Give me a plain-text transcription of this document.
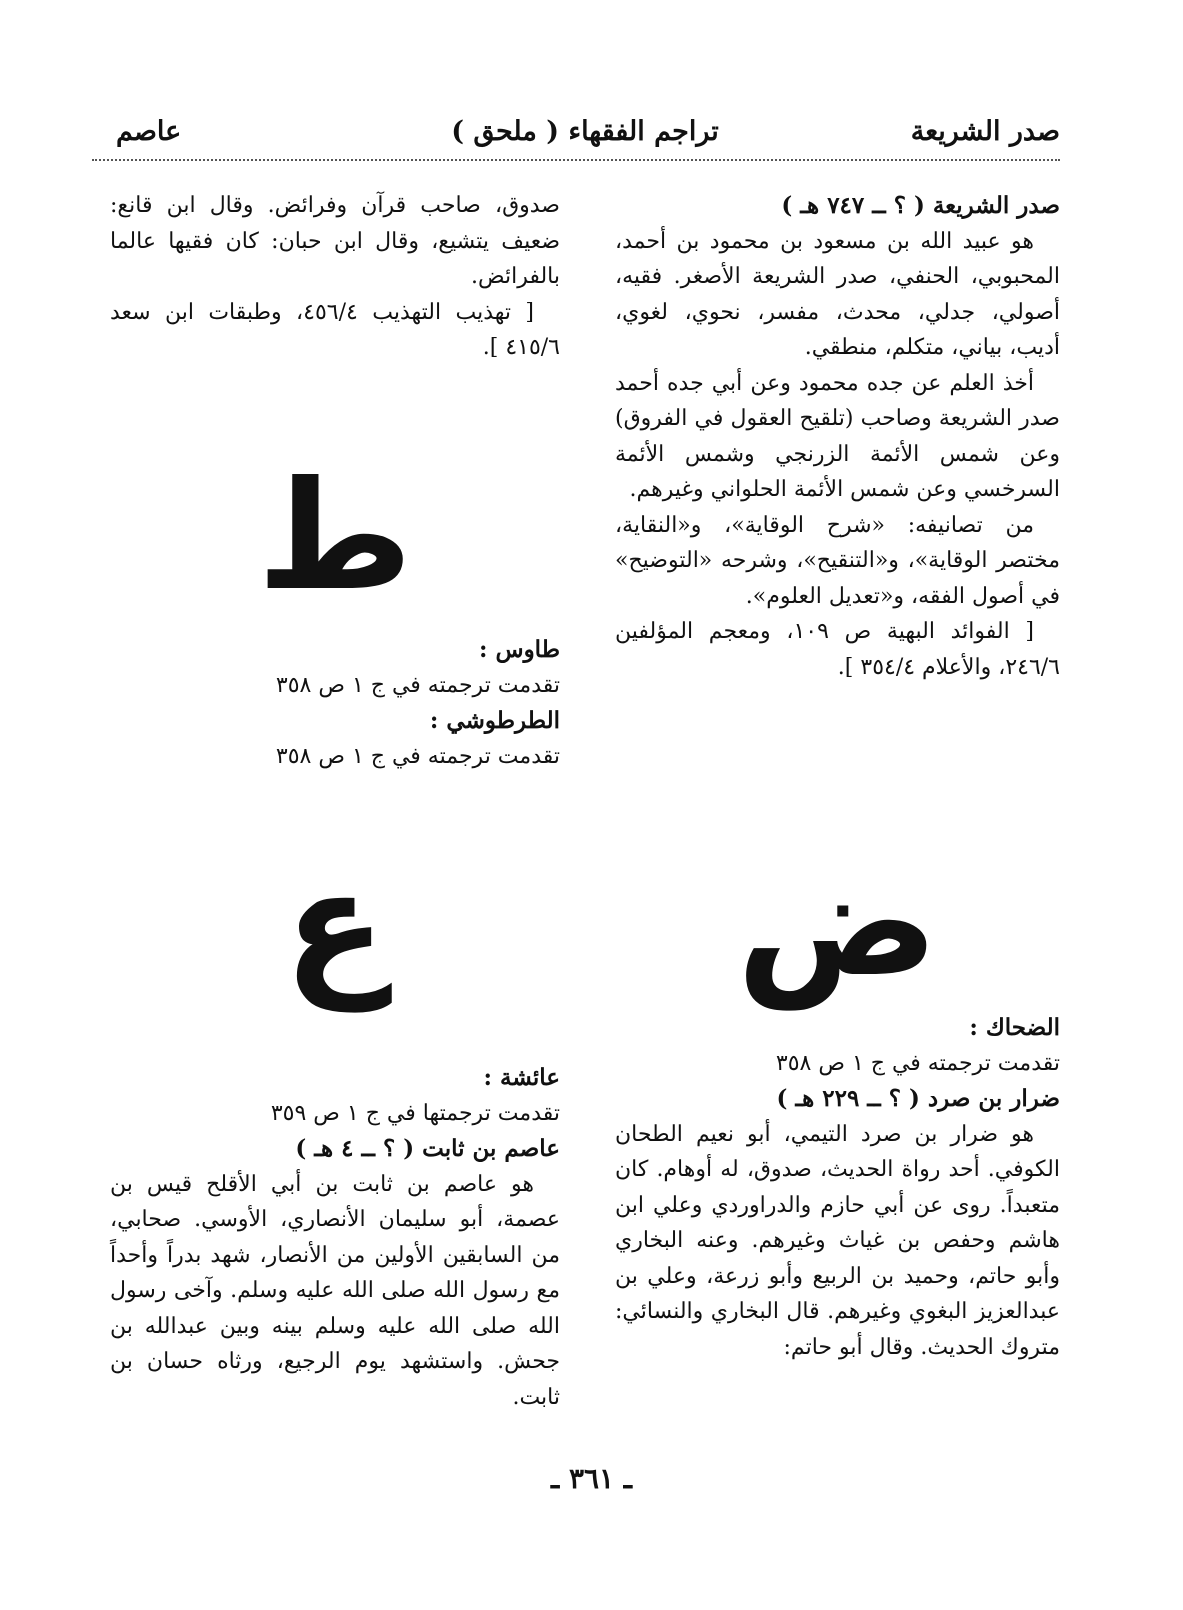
صدر الشريعة
( ملحق ) تراجم الفقهاء
عاصم

صدر الشريعة ( ؟ ــ ٧٤٧ هـ )

هو عبيد الله بن مسعود بن محمود بن أحمد، المحبوبي، الحنفي، صدر الشريعة الأصغر. فقيه، أصولي، جدلي، محدث، مفسر، نحوي، لغوي، أديب، بياني، متكلم، منطقي.

أخذ العلم عن جده محمود وعن أبي جده أحمد صدر الشريعة وصاحب (تلقيح العقول في الفروق) وعن شمس الأئمة الزرنجي وشمس الأئمة السرخسي وعن شمس الأئمة الحلواني وغيرهم.

من تصانيفه: «شرح الوقاية»، و«النقاية، مختصر الوقاية»، و«التنقيح»، وشرحه «التوضيح» في أصول الفقه، و«تعديل العلوم».

[ الفوائد البهية ص ١٠٩، ومعجم المؤلفين ٢٤٦/٦، والأعلام ٣٥٤/٤ ].

ض

الضحاك :

تقدمت ترجمته في ج ١ ص ٣٥٨

ضرار بن صرد ( ؟ ــ ٢٢٩ هـ )

هو ضرار بن صرد التيمي، أبو نعيم الطحان الكوفي. أحد رواة الحديث، صدوق، له أوهام. كان متعبداً. روى عن أبي حازم والدراوردي وعلي ابن هاشم وحفص بن غياث وغيرهم. وعنه البخاري وأبو حاتم، وحميد بن الربيع وأبو زرعة، وعلي بن عبدالعزيز البغوي وغيرهم. قال البخاري والنسائي: متروك الحديث. وقال أبو حاتم:

صدوق، صاحب قرآن وفرائض. وقال ابن قانع: ضعيف يتشيع، وقال ابن حبان: كان فقيها عالما بالفرائض.

[ تهذيب التهذيب ٤٥٦/٤، وطبقات ابن سعد ٤١٥/٦ ].

ط

طاوس :

تقدمت ترجمته في ج ١ ص ٣٥٨

الطرطوشي :

تقدمت ترجمته في ج ١ ص ٣٥٨

ع

عائشة :

تقدمت ترجمتها في ج ١ ص ٣٥٩

عاصم بن ثابت ( ؟ ــ ٤ هـ )

هو عاصم بن ثابت بن أبي الأقلح قيس بن عصمة، أبو سليمان الأنصاري، الأوسي. صحابي، من السابقين الأولين من الأنصار، شهد بدراً وأحداً مع رسول الله صلى الله عليه وسلم. وآخى رسول الله صلى الله عليه وسلم بينه وبين عبدالله بن جحش. واستشهد يوم الرجيع، ورثاه حسان بن ثابت.

ـ ٣٦١ ـ
